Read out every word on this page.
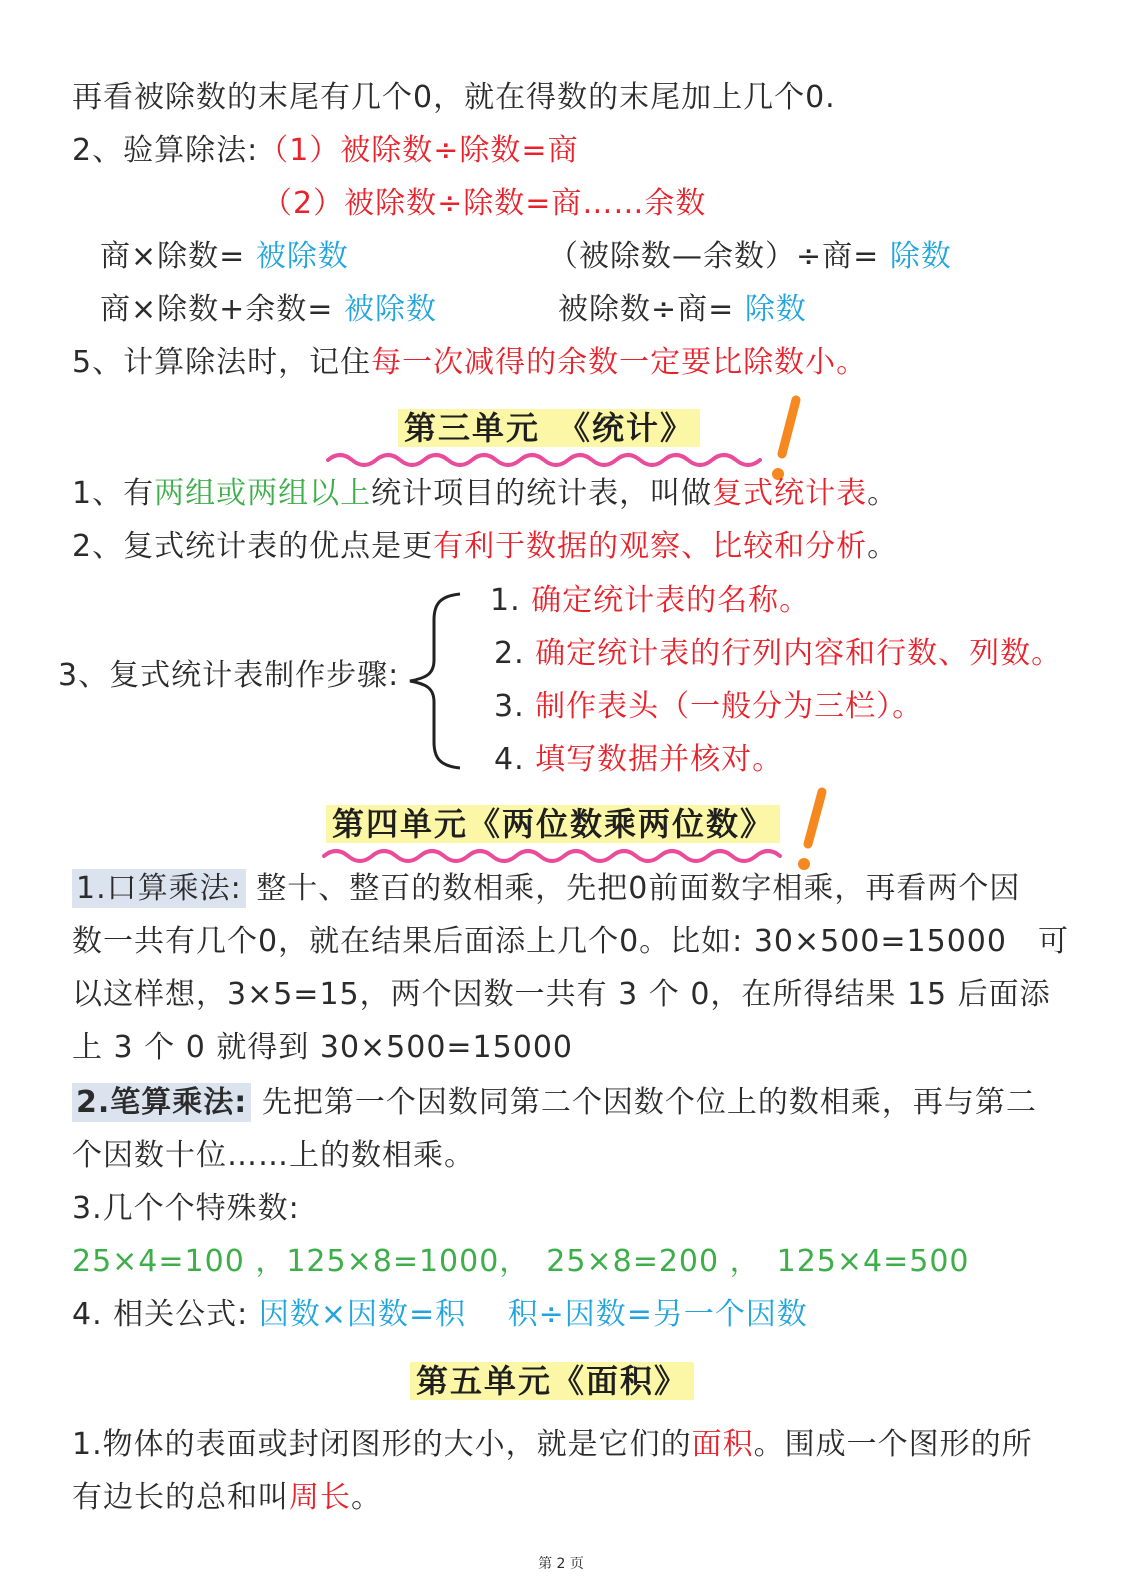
再看被除数的末尾有几个0，就在得数的末尾加上几个0.
2、验算除法:（1）被除数÷除数=商
（2）被除数÷除数=商……余数
商×除数= 被除数	（被除数—余数）÷商= 除数
商×除数+余数= 被除数	被除数÷商= 除数
5、计算除法时，记住每一次减得的余数一定要比除数小。
第三单元　《统计》
1、有两组或两组以上统计项目的统计表，叫做复式统计表。
2、复式统计表的优点是更有利于数据的观察、比较和分析。
3、复式统计表制作步骤:
1. 确定统计表的名称。
2. 确定统计表的行列内容和行数、列数。
3. 制作表头（一般分为三栏）。
4. 填写数据并核对。
第四单元《两位数乘两位数》
1.口算乘法: 整十、整百的数相乘，先把0前面数字相乘，再看两个因
数一共有几个0，就在结果后面添上几个0。比如: 30×500=15000　可
以这样想，3×5=15，两个因数一共有 3 个 0，在所得结果 15 后面添
上 3 个 0 就得到 30×500=15000
2.笔算乘法: 先把第一个因数同第二个因数个位上的数相乘，再与第二
个因数十位……上的数相乘。
3.几个个特殊数:
25×4=100 ，125×8=1000，　25×8=200 ，　125×4=500
4. 相关公式: 因数×因数=积　 积÷因数=另一个因数
第五单元《面积》
1.物体的表面或封闭图形的大小，就是它们的面积。围成一个图形的所
有边长的总和叫周长。
第 2 页
